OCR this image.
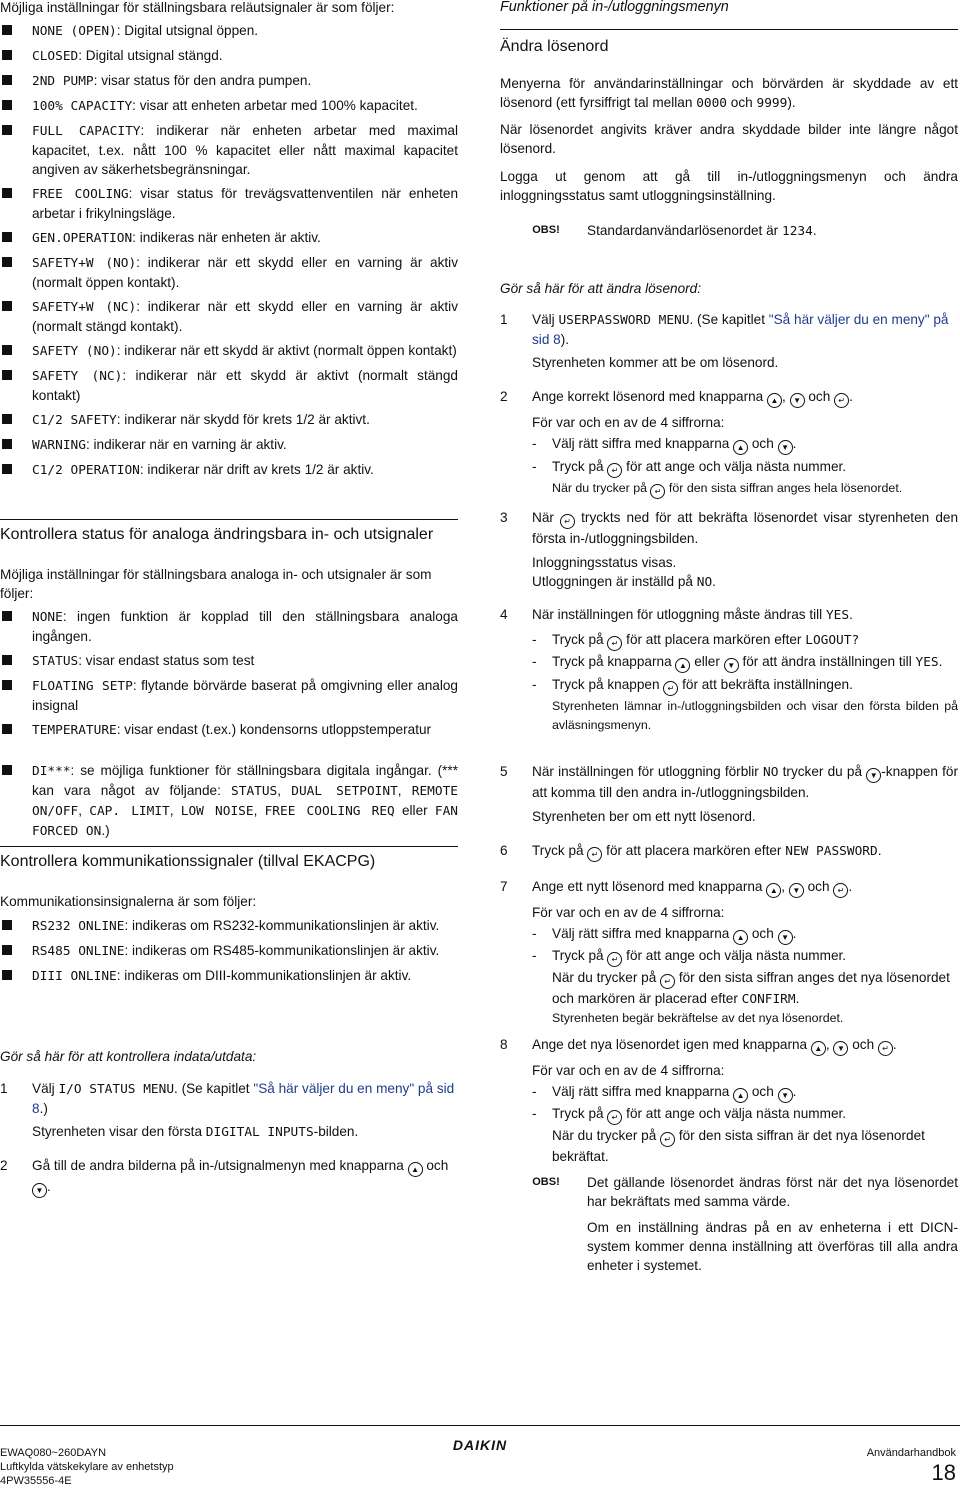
Möjliga inställningar för ställningsbara reläutsignaler är som följer:

NONE (OPEN): Digital utsignal öppen.
CLOSED: Digital utsignal stängd.
2ND PUMP: visar status för den andra pumpen.
100% CAPACITY: visar att enheten arbetar med 100% kapacitet.
FULL CAPACITY: indikerar när enheten arbetar med maximal kapacitet, t.ex. nått 100 % kapacitet eller nått maximal kapacitet angiven av säkerhetsbegränsningar.
FREE COOLING: visar status för trevägsvattenventilen när enheten arbetar i frikylningsläge.
GEN.OPERATION: indikeras när enheten är aktiv.
SAFETY+W (NO): indikerar när ett skydd eller en varning är aktiv (normalt öppen kontakt).
SAFETY+W (NC): indikerar när ett skydd eller en varning är aktiv (normalt stängd kontakt).
SAFETY (NO): indikerar när ett skydd är aktivt (normalt öppen kontakt)
SAFETY (NC): indikerar när ett skydd är aktivt (normalt stängd kontakt)
C1/2 SAFETY: indikerar när skydd för krets 1/2 är aktivt.
WARNING: indikerar när en varning är aktiv.
C1/2 OPERATION: indikerar när drift av krets 1/2 är aktiv.

Kontrollera status för analoga ändringsbara in- och utsignaler

Möjliga inställningar för ställningsbara analoga in- och utsignaler är som följer:

NONE: ingen funktion är kopplad till den ställningsbara analoga ingången.
STATUS: visar endast status som test
FLOATING SETP: flytande börvärde baserat på omgivning eller analog insignal
TEMPERATURE: visar endast (t.ex.) kondensorns utloppstemperatur
DI***: se möjliga funktioner för ställningsbara digitala ingångar. (*** kan vara något av följande: STATUS, DUAL SETPOINT, REMOTE ON/OFF, CAP. LIMIT, LOW NOISE, FREE COOLING REQ eller FAN FORCED ON.)

Kontrollera kommunikationssignaler (tillval EKACPG)

Kommunikationsinsignalerna är som följer:

RS232 ONLINE: indikeras om RS232-kommunikationslinjen är aktiv.
RS485 ONLINE: indikeras om RS485-kommunikationslinjen är aktiv.
DIII ONLINE: indikeras om DIII-kommunikationslinjen är aktiv.

Gör så här för att kontrollera indata/utdata:

1 Välj I/O STATUS MENU. (Se kapitlet "Så här väljer du en meny" på sid 8.)

Styrenheten visar den första DIGITAL INPUTS-bilden.

2 Gå till de andra bilderna på in-/utsignalmenyn med knapparna ▲ och ▼ .

Funktioner på in-/utloggningsmenyn

Ändra lösenord

Menyerna för användarinställningar och börvärden är skyddade av ett lösenord (ett fyrsiffrigt tal mellan 0000 och 9999).

När lösenordet angivits kräver andra skyddade bilder inte längre något lösenord.

Logga ut genom att gå till in-/utloggningsmenyn och ändra inloggningsstatus samt utloggningsinställning.

OBS!	Standardanvändarlösenordet är 1234.

Gör så här för att ändra lösenord:

1 Välj USERPASSWORD MENU. (Se kapitlet "Så här väljer du en meny" på sid 8).

Styrenheten kommer att be om lösenord.

2 Ange korrekt lösenord med knapparna ▲ , ▼ och ↵ .

För var och en av de 4 siffrorna:

- Välj rätt siffra med knapparna ▲ och ▼ .
- Tryck på ↵ för att ange och välja nästa nummer.

När du trycker på ↵ för den sista siffran anges hela lösenordet.

3 När ↵ tryckts ned för att bekräfta lösenordet visar styrenheten den första in-/utloggningsbilden.

Inloggningsstatus visas.

Utloggningen är inställd på NO.

4 När inställningen för utloggning måste ändras till YES.

- Tryck på ↵ för att placera markören efter LOGOUT?
- Tryck på knapparna ▲ eller ▼ för att ändra inställningen till YES.
- Tryck på knappen ↵ för att bekräfta inställningen.

Styrenheten lämnar in-/utloggningsbilden och visar den första bilden på avläsningsmenyn.

5 När inställningen för utloggning förblir NO trycker du på ▼ -knappen för att komma till den andra in-/utloggningsbilden.

Styrenheten ber om ett nytt lösenord.

6 Tryck på ↵ för att placera markören efter NEW PASSWORD.

7 Ange ett nytt lösenord med knapparna ▲ , ▼ och ↵ .

För var och en av de 4 siffrorna:

- Välj rätt siffra med knapparna ▲ och ▼ .
- Tryck på ↵ för att ange och välja nästa nummer.

När du trycker på ↵ för den sista siffran anges det nya lösenordet och markören är placerad efter CONFIRM.

Styrenheten begär bekräftelse av det nya lösenordet.

8 Ange det nya lösenordet igen med knapparna ▲ , ▼ och ↵ .

För var och en av de 4 siffrorna:

- Välj rätt siffra med knapparna ▲ och ▼ .
- Tryck på ↵ för att ange och välja nästa nummer.

När du trycker på ↵ för den sista siffran är det nya lösenordet bekräftat.

OBS!	Det gällande lösenordet ändras först när det nya lösenordet har bekräftats med samma värde.

Om en inställning ändras på en av enheterna i ett DICN-system kommer denna inställning att överföras till alla andra enheter i systemet.

EWAQ080~260DAYN
Luftkylda vätskekylare av enhetstyp
4PW35556-4E
DAIKIN	Användarhandbok
18
